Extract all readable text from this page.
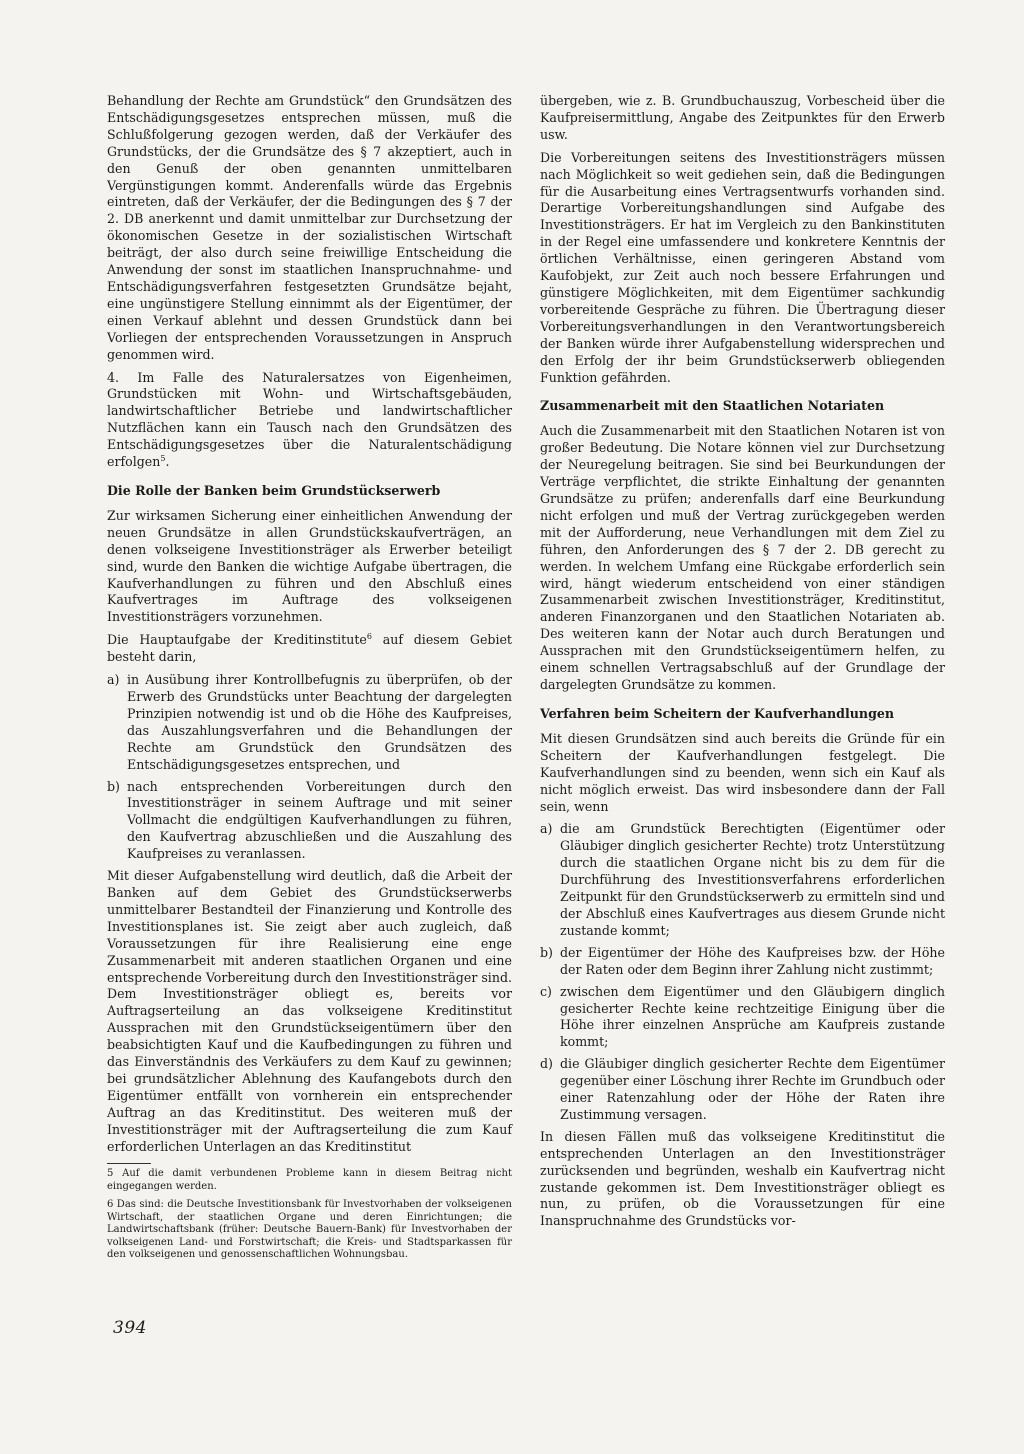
Behandlung der Rechte am Grundstück“ den Grundsätzen des Entschädigungsgesetzes entsprechen müssen, muß die Schlußfolgerung gezogen werden, daß der Verkäufer des Grundstücks, der die Grundsätze des § 7 akzeptiert, auch in den Genuß der oben genannten unmittelbaren Vergünstigungen kommt. Anderenfalls würde das Ergebnis eintreten, daß der Verkäufer, der die Bedingungen des § 7 der 2. DB anerkennt und damit unmittelbar zur Durchsetzung der ökonomischen Gesetze in der sozialistischen Wirtschaft beiträgt, der also durch seine freiwillige Entscheidung die Anwendung der sonst im staatlichen Inanspruchnahme- und Entschädigungsverfahren festgesetzten Grundsätze bejaht, eine ungünstigere Stellung einnimmt als der Eigentümer, der einen Verkauf ablehnt und dessen Grundstück dann bei Vorliegen der entsprechenden Voraussetzungen in Anspruch genommen wird.

4. Im Falle des Naturalersatzes von Eigenheimen, Grundstücken mit Wohn- und Wirtschaftsgebäuden, landwirtschaftlicher Betriebe und landwirtschaftlicher Nutzflächen kann ein Tausch nach den Grundsätzen des Entschädigungsgesetzes über die Naturalentschädigung erfolgen$^5$.

Die Rolle der Banken beim Grundstückserwerb

Zur wirksamen Sicherung einer einheitlichen Anwendung der neuen Grundsätze in allen Grundstückskaufverträgen, an denen volkseigene Investitionsträger als Erwerber beteiligt sind, wurde den Banken die wichtige Aufgabe übertragen, die Kaufverhandlungen zu führen und den Abschluß eines Kaufvertrages im Auftrage des volkseigenen Investitionsträgers vorzunehmen.

Die Hauptaufgabe der Kreditinstitute$^6$ auf diesem Gebiet besteht darin,

a) in Ausübung ihrer Kontrollbefugnis zu überprüfen, ob der Erwerb des Grundstücks unter Beachtung der dargelegten Prinzipien notwendig ist und ob die Höhe des Kaufpreises, das Auszahlungsverfahren und die Behandlungen der Rechte am Grundstück den Grundsätzen des Entschädigungsgesetzes entsprechen, und
b) nach entsprechenden Vorbereitungen durch den Investitionsträger in seinem Auftrage und mit seiner Vollmacht die endgültigen Kaufverhandlungen zu führen, den Kaufvertrag abzuschließen und die Auszahlung des Kaufpreises zu veranlassen.

Mit dieser Aufgabenstellung wird deutlich, daß die Arbeit der Banken auf dem Gebiet des Grundstückserwerbs unmittelbarer Bestandteil der Finanzierung und Kontrolle des Investitionsplanes ist. Sie zeigt aber auch zugleich, daß Voraussetzungen für ihre Realisierung eine enge Zusammenarbeit mit anderen staatlichen Organen und eine entsprechende Vorbereitung durch den Investitionsträger sind. Dem Investitionsträger obliegt es, bereits vor Auftragserteilung an das volkseigene Kreditinstitut Aussprachen mit den Grundstückseigentümern über den beabsichtigten Kauf und die Kaufbedingungen zu führen und das Einverständnis des Verkäufers zu dem Kauf zu gewinnen; bei grundsätzlicher Ablehnung des Kaufangebots durch den Eigentümer entfällt von vornherein ein entsprechender Auftrag an das Kreditinstitut. Des weiteren muß der Investitionsträger mit der Auftragserteilung die zum Kauf erforderlichen Unterlagen an das Kreditinstitut

5 Auf die damit verbundenen Probleme kann in diesem Beitrag nicht eingegangen werden.

6 Das sind: die Deutsche Investitionsbank für Investvorhaben der volkseigenen Wirtschaft, der staatlichen Organe und deren Einrichtungen; die Landwirtschaftsbank (früher: Deutsche Bauern-Bank) für Investvorhaben der volkseigenen Land- und Forstwirtschaft; die Kreis- und Stadtsparkassen für den volkseigenen und genossenschaftlichen Wohnungsbau.

übergeben, wie z. B. Grundbuchauszug, Vorbescheid über die Kaufpreisermittlung, Angabe des Zeitpunktes für den Erwerb usw.

Die Vorbereitungen seitens des Investitionsträgers müssen nach Möglichkeit so weit gediehen sein, daß die Bedingungen für die Ausarbeitung eines Vertragsentwurfs vorhanden sind. Derartige Vorbereitungshandlungen sind Aufgabe des Investitionsträgers. Er hat im Vergleich zu den Bankinstituten in der Regel eine umfassendere und konkretere Kenntnis der örtlichen Verhältnisse, einen geringeren Abstand vom Kaufobjekt, zur Zeit auch noch bessere Erfahrungen und günstigere Möglichkeiten, mit dem Eigentümer sachkundig vorbereitende Gespräche zu führen. Die Übertragung dieser Vorbereitungsverhandlungen in den Verantwortungsbereich der Banken würde ihrer Aufgabenstellung widersprechen und den Erfolg der ihr beim Grundstückserwerb obliegenden Funktion gefährden.

Zusammenarbeit mit den Staatlichen Notariaten

Auch die Zusammenarbeit mit den Staatlichen Notaren ist von großer Bedeutung. Die Notare können viel zur Durchsetzung der Neuregelung beitragen. Sie sind bei Beurkundungen der Verträge verpflichtet, die strikte Einhaltung der genannten Grundsätze zu prüfen; anderenfalls darf eine Beurkundung nicht erfolgen und muß der Vertrag zurückgegeben werden mit der Aufforderung, neue Verhandlungen mit dem Ziel zu führen, den Anforderungen des § 7 der 2. DB gerecht zu werden. In welchem Umfang eine Rückgabe erforderlich sein wird, hängt wiederum entscheidend von einer ständigen Zusammenarbeit zwischen Investitionsträger, Kreditinstitut, anderen Finanzorganen und den Staatlichen Notariaten ab. Des weiteren kann der Notar auch durch Beratungen und Aussprachen mit den Grundstückseigentümern helfen, zu einem schnellen Vertragsabschluß auf der Grundlage der dargelegten Grundsätze zu kommen.

Verfahren beim Scheitern der Kaufverhandlungen

Mit diesen Grundsätzen sind auch bereits die Gründe für ein Scheitern der Kaufverhandlungen festgelegt. Die Kaufverhandlungen sind zu beenden, wenn sich ein Kauf als nicht möglich erweist. Das wird insbesondere dann der Fall sein, wenn

a) die am Grundstück Berechtigten (Eigentümer oder Gläubiger dinglich gesicherter Rechte) trotz Unterstützung durch die staatlichen Organe nicht bis zu dem für die Durchführung des Investitionsverfahrens erforderlichen Zeitpunkt für den Grundstückserwerb zu ermitteln sind und der Abschluß eines Kaufvertrages aus diesem Grunde nicht zustande kommt;
b) der Eigentümer der Höhe des Kaufpreises bzw. der Höhe der Raten oder dem Beginn ihrer Zahlung nicht zustimmt;
c) zwischen dem Eigentümer und den Gläubigern dinglich gesicherter Rechte keine rechtzeitige Einigung über die Höhe ihrer einzelnen Ansprüche am Kaufpreis zustande kommt;
d) die Gläubiger dinglich gesicherter Rechte dem Eigentümer gegenüber einer Löschung ihrer Rechte im Grundbuch oder einer Ratenzahlung oder der Höhe der Raten ihre Zustimmung versagen.

In diesen Fällen muß das volkseigene Kreditinstitut die entsprechenden Unterlagen an den Investitionsträger zurücksenden und begründen, weshalb ein Kaufvertrag nicht zustande gekommen ist. Dem Investitionsträger obliegt es nun, zu prüfen, ob die Voraussetzungen für eine Inanspruchnahme des Grundstücks vor-

394
